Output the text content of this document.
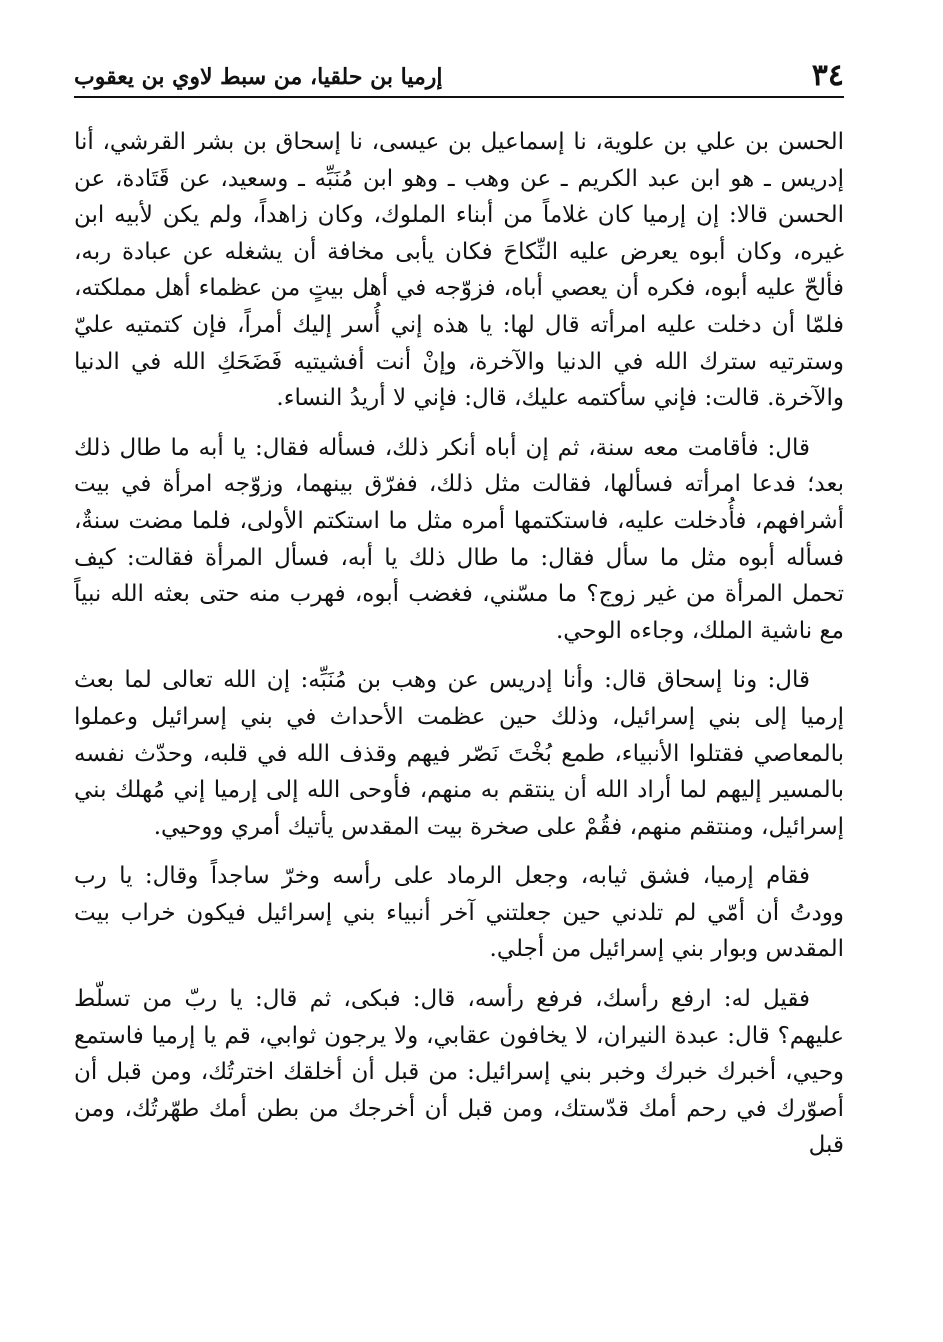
٣٤
إرميا بن حلقيا، من سبط لاوي بن يعقوب

الحسن بن علي بن علوية، نا إسماعيل بن عيسى، نا إسحاق بن بشر القرشي، أنا إدريس ـ هو ابن عبد الكريم ـ عن وهب ـ وهو ابن مُنَبِّه ـ وسعيد، عن قَتَادة، عن الحسن قالا: إن إرميا كان غلاماً من أبناء الملوك، وكان زاهداً، ولم يكن لأبيه ابن غيره، وكان أبوه يعرض عليه النِّكاحَ فكان يأبى مخافة أن يشغله عن عبادة ربه، فألحّ عليه أبوه، فكره أن يعصي أباه، فزوّجه في أهل بيتٍ من عظماء أهل مملكته، فلمّا أن دخلت عليه امرأته قال لها: يا هذه إني أُسر إليك أمراً، فإن كتمتيه عليّ وسترتيه سترك الله في الدنيا والآخرة، وإنْ أنت أفشيتيه فَضَحَكِ الله في الدنيا والآخرة. قالت: فإني سأكتمه عليك، قال: فإني لا أريدُ النساء.

قال: فأقامت معه سنة، ثم إن أباه أنكر ذلك، فسأله فقال: يا أبه ما طال ذلك بعد؛ فدعا امرأته فسألها، فقالت مثل ذلك، ففرّق بينهما، وزوّجه امرأة في بيت أشرافهم، فأُدخلت عليه، فاستكتمها أمره مثل ما استكتم الأولى، فلما مضت سنةٌ، فسأله أبوه مثل ما سأل فقال: ما طال ذلك يا أبه، فسأل المرأة فقالت: كيف تحمل المرأة من غير زوج؟ ما مسّني، فغضب أبوه، فهرب منه حتى بعثه الله نبياً مع ناشية الملك، وجاءه الوحي.

قال: ونا إسحاق قال: وأنا إدريس عن وهب بن مُنَبِّه: إن الله تعالى لما بعث إرميا إلى بني إسرائيل، وذلك حين عظمت الأحداث في بني إسرائيل وعملوا بالمعاصي فقتلوا الأنبياء، طمع بُخْتَ نَصّر فيهم وقذف الله في قلبه، وحدّث نفسه بالمسير إليهم لما أراد الله أن ينتقم به منهم، فأوحى الله إلى إرميا إني مُهلك بني إسرائيل، ومنتقم منهم، فقُمْ على صخرة بيت المقدس يأتيك أمري ووحيي.

فقام إرميا، فشق ثيابه، وجعل الرماد على رأسه وخرّ ساجداً وقال: يا رب وودتُ أن أمّي لم تلدني حين جعلتني آخر أنبياء بني إسرائيل فيكون خراب بيت المقدس وبوار بني إسرائيل من أجلي.

فقيل له: ارفع رأسك، فرفع رأسه، قال: فبكى، ثم قال: يا ربّ من تسلّط عليهم؟ قال: عبدة النيران، لا يخافون عقابي، ولا يرجون ثوابي، قم يا إرميا فاستمع وحيي، أخبرك خبرك وخبر بني إسرائيل: من قبل أن أخلقك اخترتُك، ومن قبل أن أصوّرك في رحم أمك قدّستك، ومن قبل أن أخرجك من بطن أمك طهّرتُك، ومن قبل
